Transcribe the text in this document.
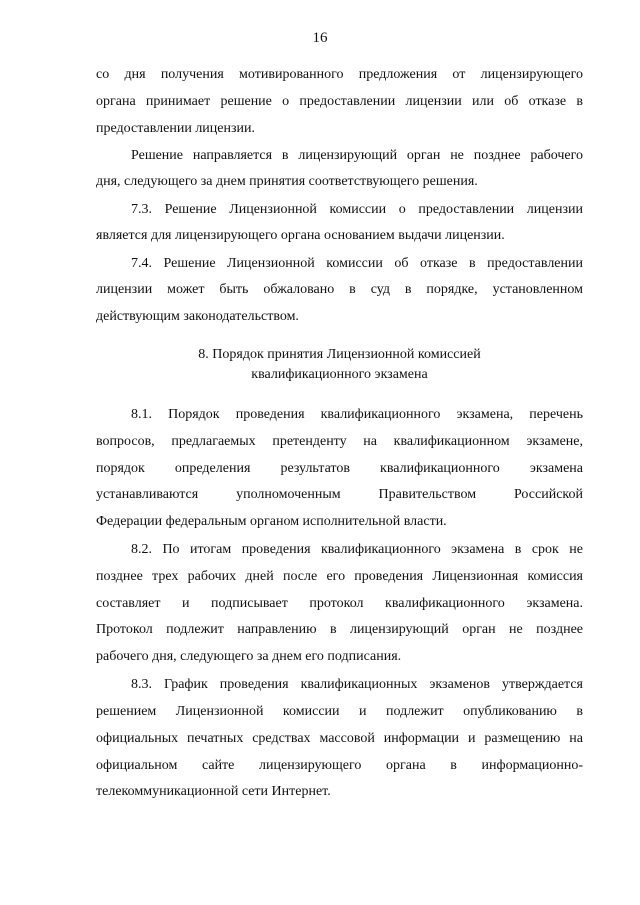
16
со дня получения мотивированного предложения от лицензирующего
органа принимает решение о предоставлении лицензии или об отказе в
предоставлении лицензии.
Решение направляется в лицензирующий орган не позднее рабочего
дня, следующего за днем принятия соответствующего решения.
7.3. Решение Лицензионной комиссии о предоставлении лицензии
является для лицензирующего органа основанием выдачи лицензии.
7.4. Решение Лицензионной комиссии об отказе в предоставлении
лицензии может быть обжаловано в суд в порядке, установленном
действующим законодательством.
8. Порядок принятия Лицензионной комиссией
квалификационного экзамена
8.1. Порядок проведения квалификационного экзамена, перечень
вопросов, предлагаемых претенденту на квалификационном экзамене,
порядок определения результатов квалификационного экзамена
устанавливаются уполномоченным Правительством Российской
Федерации федеральным органом исполнительной власти.
8.2. По итогам проведения квалификационного экзамена в срок не
позднее трех рабочих дней после его проведения Лицензионная комиссия
составляет и подписывает протокол квалификационного экзамена.
Протокол подлежит направлению в лицензирующий орган не позднее
рабочего дня, следующего за днем его подписания.
8.3. График проведения квалификационных экзаменов утверждается
решением Лицензионной комиссии и подлежит опубликованию в
официальных печатных средствах массовой информации и размещению на
официальном сайте лицензирующего органа в информационно-
телекоммуникационной сети Интернет.
